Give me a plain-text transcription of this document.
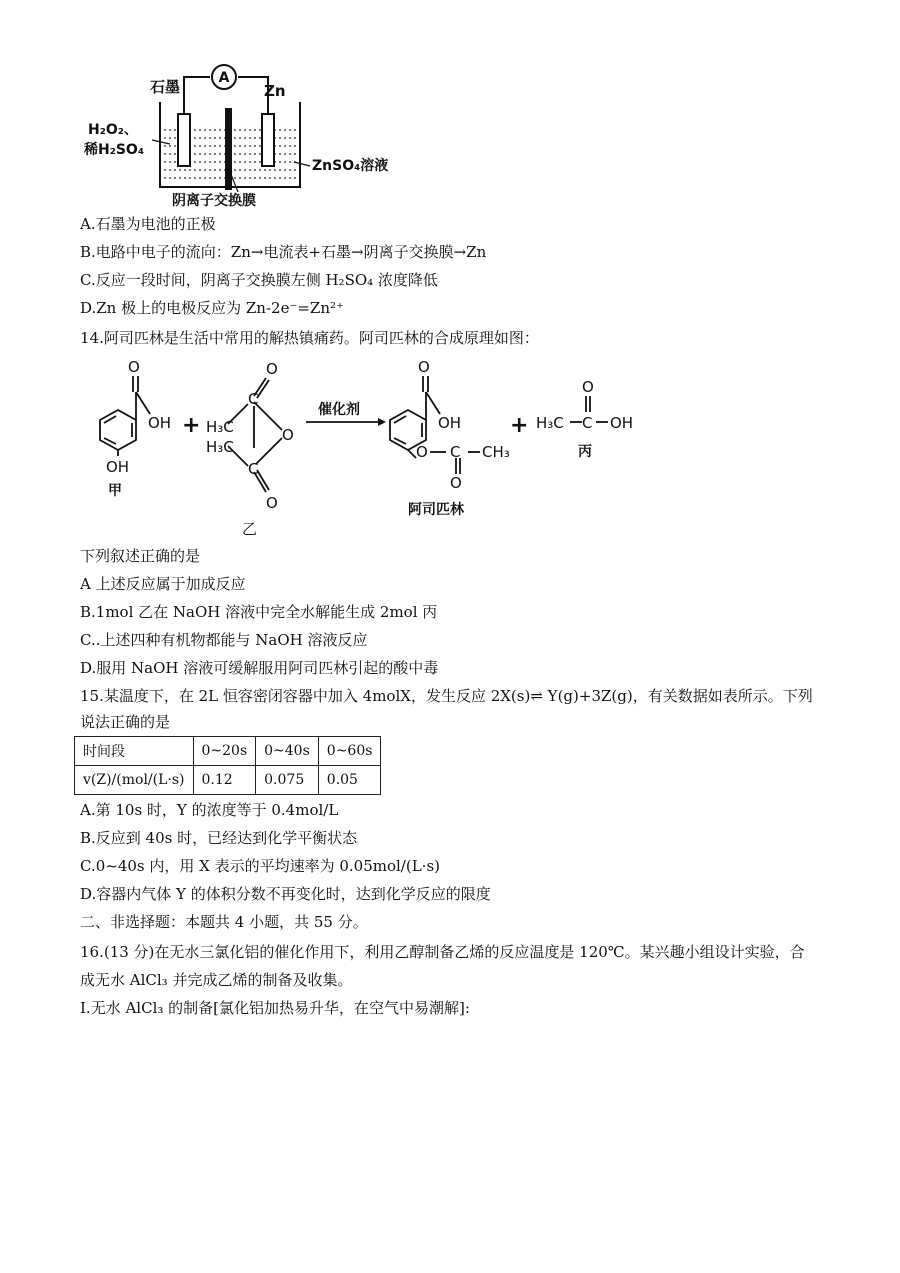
A
石墨	Zn
H₂O₂、
稀H₂SO₄
ZnSO₄溶液
阴离子交换膜
A.石墨为电池的正极
B.电路中电子的流向：Zn→电流表+石墨→阴离子交换膜→Zn
C.反应一段时间，阴离子交换膜左侧 H₂SO₄ 浓度降低
D.Zn 极上的电极反应为 Zn-2e⁻=Zn²⁺
14.阿司匹林是生活中常用的解热镇痛药。阿司匹林的合成原理如图：
O
OH
OH
甲
+
O
C
H₃C	O
H₃C
C
O
乙
催化剂
O
OH
O C
O
CH₃
阿司匹林
+ H₃C C
O
OH
丙
下列叙述正确的是
A 上述反应属于加成反应
B.1mol 乙在 NaOH 溶液中完全水解能生成 2mol 丙
C..上述四种有机物都能与 NaOH 溶液反应
D.服用 NaOH 溶液可缓解服用阿司匹林引起的酸中毒
15.某温度下，在 2L 恒容密闭容器中加入 4molX，发生反应 2X(s)⇌ Y(g)+3Z(g)，有关数据如表所示。下列
说法正确的是
时间段	0~20s	0~40s	0~60s
v(Z)/(mol/(L·s)	0.12	0.075	0.05
A.第 10s 时，Y 的浓度等于 0.4mol/L
B.反应到 40s 时，已经达到化学平衡状态
C.0~40s 内，用 X 表示的平均速率为 0.05mol/(L·s)
D.容器内气体 Y 的体积分数不再变化时，达到化学反应的限度
二、非选择题：本题共 4 小题，共 55 分。
16.(13 分)在无水三氯化铝的催化作用下，利用乙醇制备乙烯的反应温度是 120℃。某兴趣小组设计实验，合
成无水 AlCl₃ 并完成乙烯的制备及收集。
Ⅰ.无水 AlCl₃ 的制备[氯化铝加热易升华，在空气中易潮解]:
